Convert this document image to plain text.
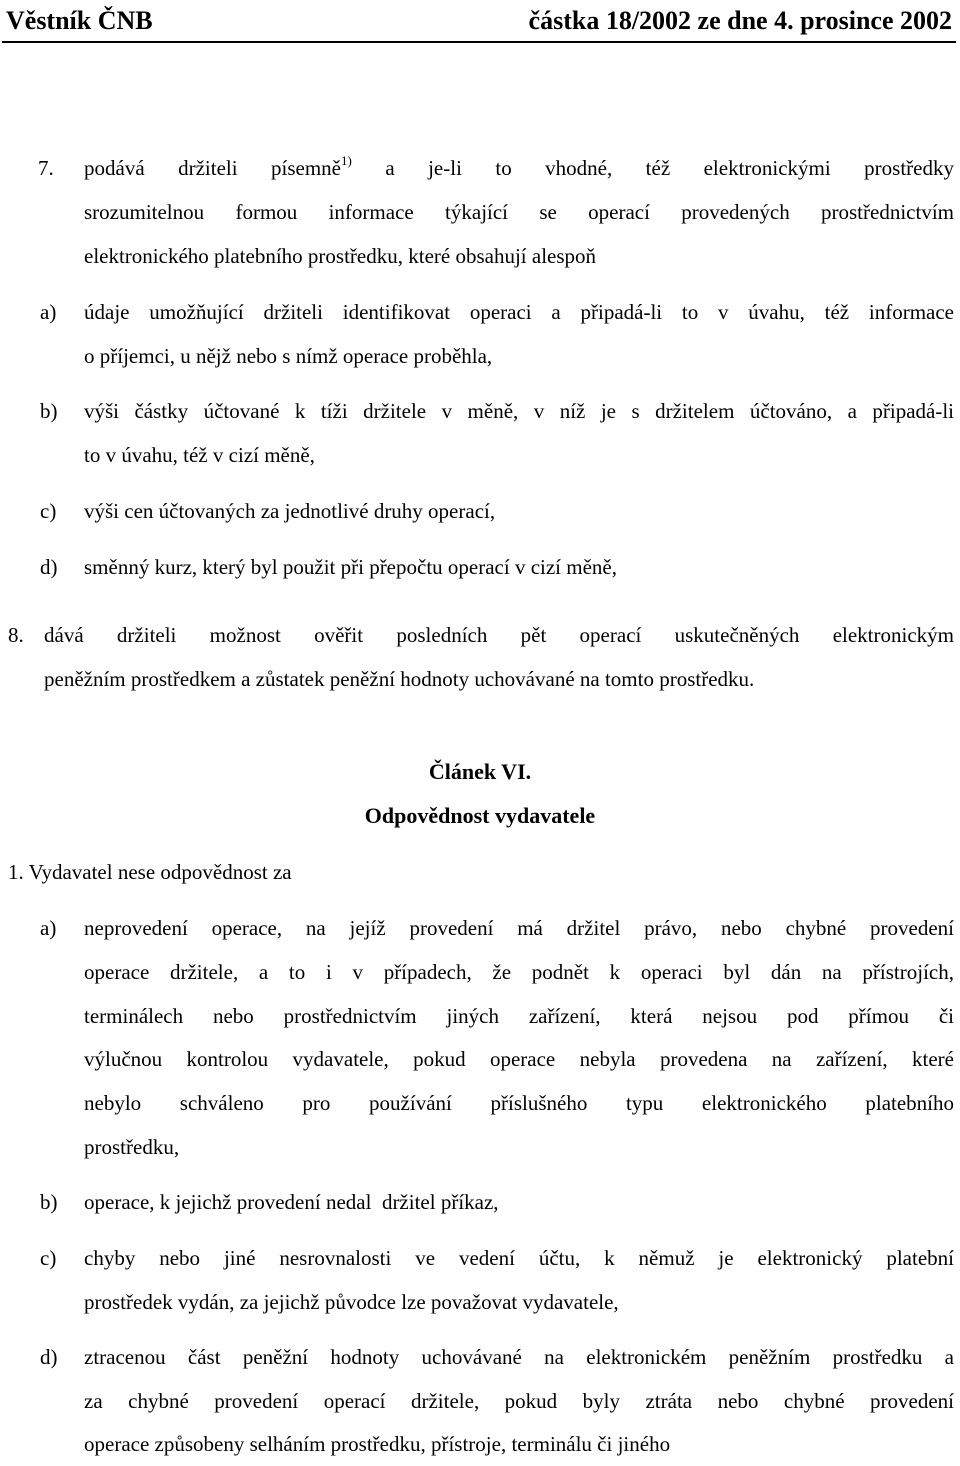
Věstník ČNB	částka 18/2002 ze dne 4. prosince 2002
7. podává držiteli písemně$^{1)}$ a je-li to vhodné, též elektronickými prostředky
srozumitelnou formou informace týkající se operací provedených prostřednictvím
elektronického platebního prostředku, které obsahují alespoň
a) údaje umožňující držiteli identifikovat operaci a připadá-li to v úvahu, též informace
o příjemci, u nějž nebo s nímž operace proběhla,
b) výši částky účtované k tíži držitele v měně, v níž je s držitelem účtováno, a připadá-li
to v úvahu, též v cizí měně,
c) výši cen účtovaných za jednotlivé druhy operací,
d) směnný kurz, který byl použit při přepočtu operací v cizí měně,
8. dává držiteli možnost ověřit posledních pět operací uskutečněných elektronickým
peněžním prostředkem a zůstatek peněžní hodnoty uchovávané na tomto prostředku.
Článek VI.
Odpovědnost vydavatele
1. Vydavatel nese odpovědnost za
a) neprovedení operace, na jejíž provedení má držitel právo, nebo chybné provedení
operace držitele, a to i v případech, že podnět k operaci byl dán na přístrojích,
terminálech nebo prostřednictvím jiných zařízení, která nejsou pod přímou či
výlučnou kontrolou vydavatele, pokud operace nebyla provedena na zařízení, které
nebylo schváleno pro používání příslušného typu elektronického platebního
prostředku,
b) operace, k jejichž provedení nedal  držitel příkaz,
c) chyby nebo jiné nesrovnalosti ve vedení účtu, k němuž je elektronický platební
prostředek vydán, za jejichž původce lze považovat vydavatele,
d) ztracenou část peněžní hodnoty uchovávané na elektronickém peněžním prostředku a
za chybné provedení operací držitele, pokud byly ztráta nebo chybné provedení
operace způsobeny selháním prostředku, přístroje, terminálu či jiného
